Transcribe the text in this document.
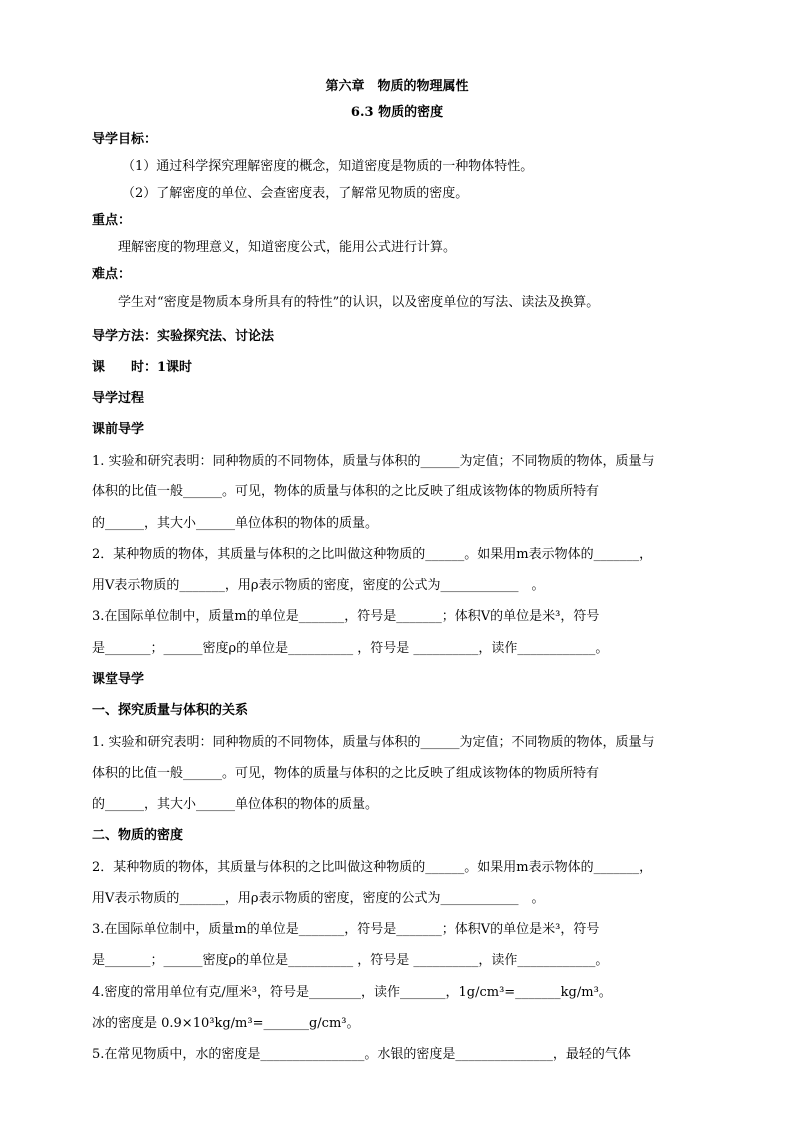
第六章　物质的物理属性
6.3 物质的密度
导学目标：
（1）通过科学探究理解密度的概念，知道密度是物质的一种物体特性。
（2）了解密度的单位、会查密度表，了解常见物质的密度。
重点：
理解密度的物理意义，知道密度公式，能用公式进行计算。
难点：
学生对“密度是物质本身所具有的特性”的认识，以及密度单位的写法、读法及换算。
导学方法：实验探究法、讨论法
课　　时：1课时
导学过程
课前导学
1. 实验和研究表明：同种物质的不同物体，质量与体积的______为定值；不同物质的物体，质量与
体积的比值一般______。可见，物体的质量与体积的之比反映了组成该物体的物质所特有
的______，其大小______单位体积的物体的质量。
2．某种物质的物体，其质量与体积的之比叫做这种物质的______。如果用m表示物体的_______，
用V表示物质的_______，用ρ表示物质的密度，密度的公式为____________　。
3.在国际单位制中，质量m的单位是_______，符号是_______；体积V的单位是米³，符号
是_______；______密度ρ的单位是__________ ，符号是 __________，读作____________。
课堂导学
一、探究质量与体积的关系
1. 实验和研究表明：同种物质的不同物体，质量与体积的______为定值；不同物质的物体，质量与
体积的比值一般______。可见，物体的质量与体积的之比反映了组成该物体的物质所特有
的______，其大小______单位体积的物体的质量。
二、物质的密度
2．某种物质的物体，其质量与体积的之比叫做这种物质的______。如果用m表示物体的_______，
用V表示物质的_______，用ρ表示物质的密度，密度的公式为____________　。
3.在国际单位制中，质量m的单位是_______，符号是_______；体积V的单位是米³，符号
是_______；______密度ρ的单位是__________ ，符号是 __________，读作____________。
4.密度的常用单位有克/厘米³，符号是________，读作_______，1g/cm³=_______kg/m³。
冰的密度是 0.9×10³kg/m³=_______g/cm³。
5.在常见物质中，水的密度是________________。水银的密度是_______________，最轻的气体
